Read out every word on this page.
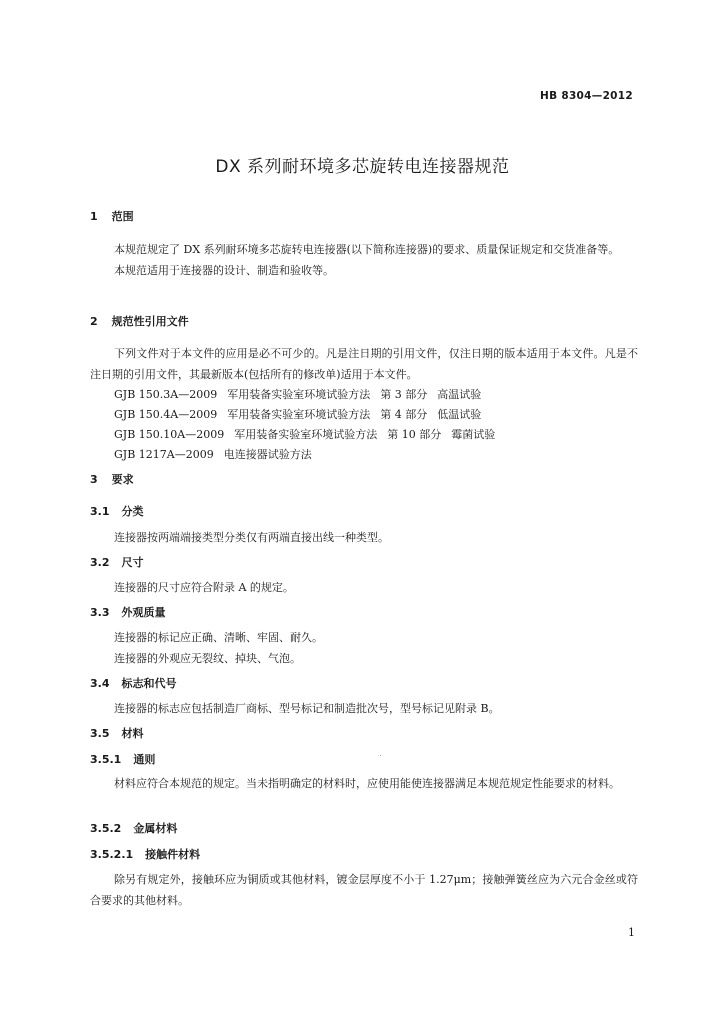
HB 8304—2012
DX 系列耐环境多芯旋转电连接器规范
1 范围
本规范规定了 DX 系列耐环境多芯旋转电连接器(以下简称连接器)的要求、质量保证规定和交货准备等。
本规范适用于连接器的设计、制造和验收等。
2 规范性引用文件
下列文件对于本文件的应用是必不可少的。凡是注日期的引用文件，仅注日期的版本适用于本文件。凡是不注日期的引用文件，其最新版本(包括所有的修改单)适用于本文件。
GJB 150.3A—2009 军用装备实验室环境试验方法 第 3 部分 高温试验
GJB 150.4A—2009 军用装备实验室环境试验方法 第 4 部分 低温试验
GJB 150.10A—2009 军用装备实验室环境试验方法 第 10 部分 霉菌试验
GJB 1217A—2009 电连接器试验方法
3 要求
3.1 分类
连接器按两端端接类型分类仅有两端直接出线一种类型。
3.2 尺寸
连接器的尺寸应符合附录 A 的规定。
3.3 外观质量
连接器的标记应正确、清晰、牢固、耐久。
连接器的外观应无裂纹、掉块、气泡。
3.4 标志和代号
连接器的标志应包括制造厂商标、型号标记和制造批次号，型号标记见附录 B。
3.5 材料
3.5.1 通则
材料应符合本规范的规定。当未指明确定的材料时，应使用能使连接器满足本规范规定性能要求的材料。
3.5.2 金属材料
3.5.2.1 接触件材料
除另有规定外，接触环应为铜质或其他材料，镀金层厚度不小于 1.27μm；接触弹簧丝应为六元合金丝或符合要求的其他材料。
1
